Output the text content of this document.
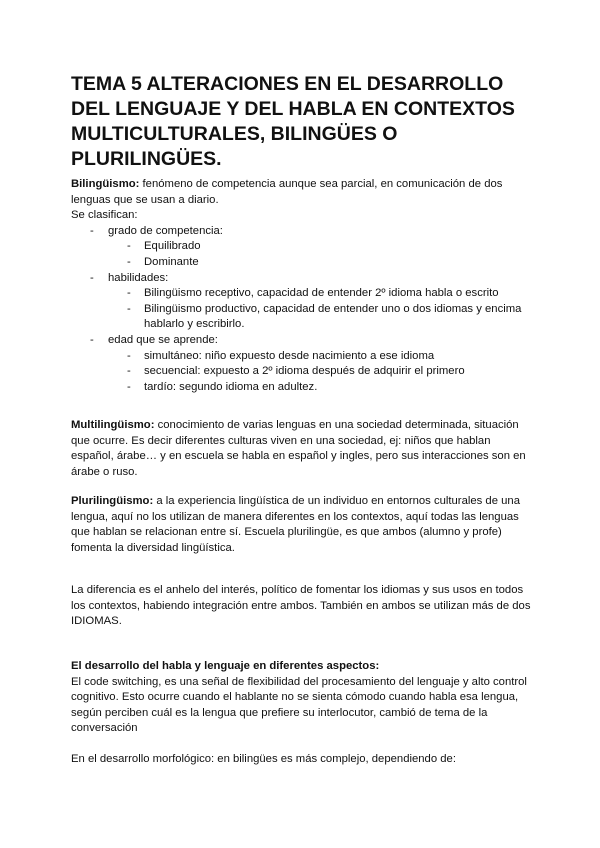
TEMA 5 ALTERACIONES EN EL DESARROLLO DEL LENGUAJE Y DEL HABLA EN CONTEXTOS MULTICULTURALES, BILINGÜES O PLURILINGÜES.

Bilingüismo: fenómeno de competencia aunque sea parcial, en comunicación de dos lenguas que se usan a diario.

Se clasifican:

- grado de competencia:
- Equilibrado
- Dominante
- habilidades:
- Bilingüismo receptivo, capacidad de entender 2º idioma habla o escrito
- Bilingüismo productivo, capacidad de entender uno o dos idiomas y encima hablarlo y escribirlo.
- edad que se aprende:
- simultáneo: niño expuesto desde nacimiento a ese idioma
- secuencial: expuesto a 2º idioma después de adquirir el primero
- tardío: segundo idioma en adultez.

Multilingüismo: conocimiento de varias lenguas en una sociedad determinada, situación que ocurre. Es decir diferentes culturas viven en una sociedad, ej: niños que hablan español, árabe… y en escuela se habla en español y ingles, pero sus interacciones son en árabe o ruso.

Plurilingüismo: a la experiencia lingüística de un individuo en entornos culturales de una lengua, aquí no los utilizan de manera diferentes en los contextos, aquí todas las lenguas que hablan se relacionan entre sí. Escuela plurilingüe, es que ambos (alumno y profe) fomenta la diversidad lingüística.

La diferencia es el anhelo del interés, político de fomentar los idiomas y sus usos en todos los contextos, habiendo integración entre ambos. También en ambos se utilizan más de dos IDIOMAS.

El desarrollo del habla y lenguaje en diferentes aspectos:

El code switching, es una señal de flexibilidad del procesamiento del lenguaje y alto control cognitivo. Esto ocurre cuando el hablante no se sienta cómodo cuando habla esa lengua, según perciben cuál es la lengua que prefiere su interlocutor, cambió de tema de la conversación

En el desarrollo morfológico: en bilingües es más complejo, dependiendo de:
